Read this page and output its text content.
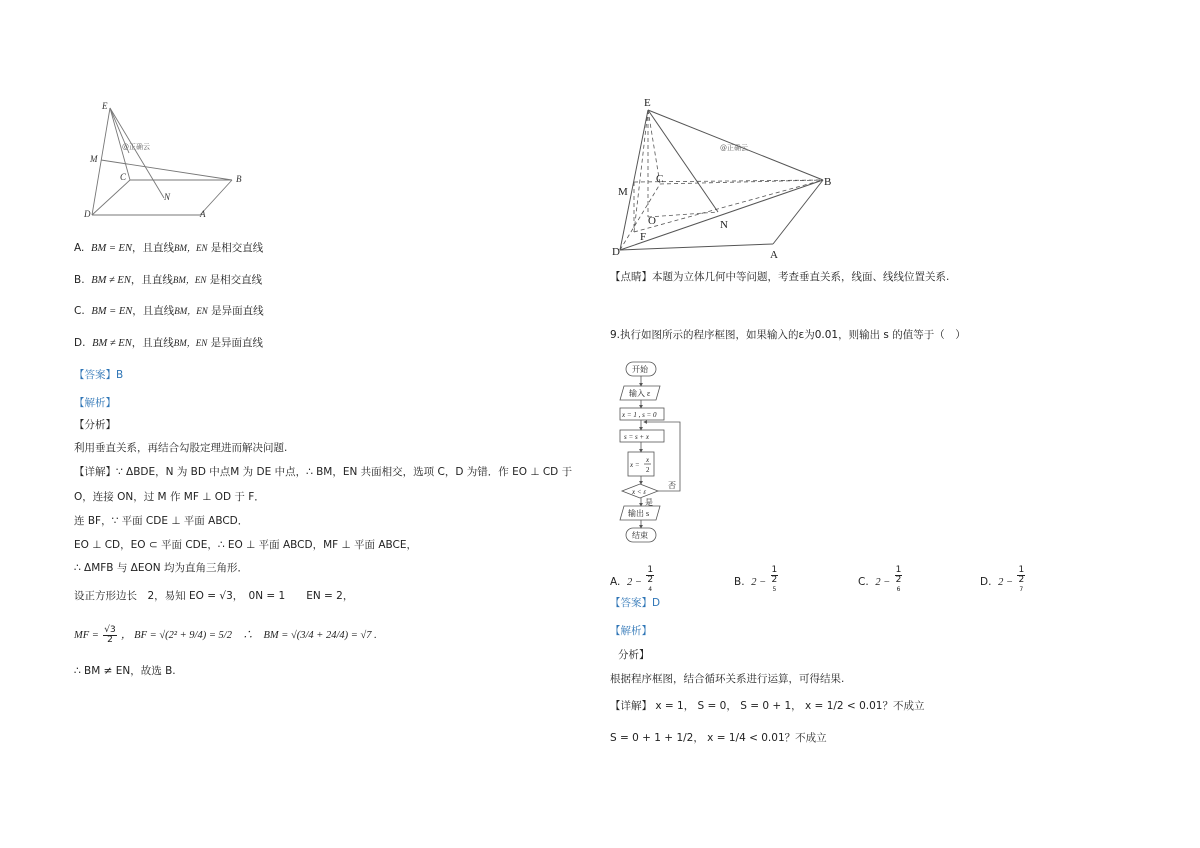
E
M
C	B
N
D	A
@正确云
A. BM = EN，且直线BM，EN 是相交直线
B. BM ≠ EN，且直线BM，EN 是相交直线
C. BM = EN，且直线BM，EN 是异面直线
D. BM ≠ EN，且直线BM，EN 是异面直线
【答案】B
【解析】
【分析】
利用垂直关系，再结合勾股定理进而解决问题.
【详解】∵ ΔBDE，N 为 BD 中点M 为 DE 中点，∴ BM，EN 共面相交，选项 C，D 为错．作 EO ⊥ CD 于
O，连接 ON，过 M 作 MF ⊥ OD 于 F．
连 BF，∵ 平面 CDE ⊥ 平面 ABCD．
EO ⊥ CD，EO ⊂ 平面 CDE，∴ EO ⊥ 平面 ABCD，MF ⊥ 平面 ABCE，
∴ ΔMFB 与 ΔEON 均为直角三角形．
设正方形边长　2，易知 EO = √3，　0N = 1　　EN = 2，
MF = $\frac{√3}{2}$ ， BF = √(2² + 9/4) = 5/2　∴　BM = √(3/4 + 24/4) = √7 .
∴ BM ≠ EN，故选 B.
E
C	B
M
O
F
N
D	A
@正确云
【点睛】本题为立体几何中等问题，考查垂直关系，线面、线线位置关系.
9.执行如图所示的程序框图，如果输入的ε为0.01，则输出 s 的值等于（　）
开始
输入 ε
x = 1 , s = 0
s = s + x
x =
x
2
x < ε
是
否
输出 s
结束
A. 2 − 1
2
$^4$	B. 2 − 1
2
$^5$	C. 2 − 1
2
$^6$	D. 2 − 1
2
$^7$
【答案】D
【解析】
分析】
根据程序框图，结合循环关系进行运算，可得结果.
【详解】 x = 1， S = 0， S = 0 + 1， x = 1/2 < 0.01？不成立
S = 0 + 1 + 1/2， x = 1/4 < 0.01？不成立
